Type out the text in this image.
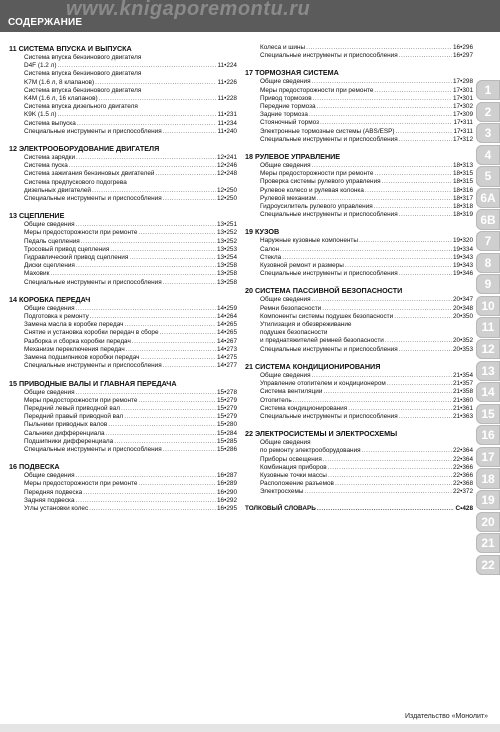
www.knigaporemontu.ru
СОДЕРЖАНИЕ
11 СИСТЕМА ВПУСКА И ВЫПУСКА
Система впуска бензинового двигателя
D4F (1.2 л) .....	11•224
Система впуска бензинового двигателя
K7M (1.6 л, 8 клапанов) .....	11•226
Система впуска бензинового двигателя
K4M (1.6 л, 16 клапанов) .....	11•228
Система впуска дизельного двигателя
K9K (1.5 л) .....	11•231
Система выпуска .....	11•234
Специальные инструменты и приспособления .....	11•240
12 ЭЛЕКТРООБОРУДОВАНИЕ ДВИГАТЕЛЯ
Система зарядки .....	12•241
Система пуска .....	12•246
Система зажигания бензиновых двигателей .....	12•248
Система предпускового подогрева
дизельных двигателей .....	12•250
Специальные инструменты и приспособления .....	12•250
13 СЦЕПЛЕНИЕ
Общие сведения .....	13•251
Меры предосторожности при ремонте .....	13•252
Педаль сцепления .....	13•252
Тросовый привод сцепления .....	13•253
Гидравлический привод сцепления .....	13•254
Диски сцепления .....	13•258
Маховик .....	13•258
Специальные инструменты и приспособления .....	13•258
14 КОРОБКА ПЕРЕДАЧ
Общие сведения .....	14•259
Подготовка к ремонту .....	14•264
Замена масла в коробке передач .....	14•265
Снятие и установка коробки передач в сборе .....	14•265
Разборка и сборка коробки передач .....	14•267
Механизм переключения передач .....	14•273
Замена подшипников коробки передач .....	14•275
Специальные инструменты и приспособления .....	14•277
15 ПРИВОДНЫЕ ВАЛЫ И ГЛАВНАЯ ПЕРЕДАЧА
Общие сведения .....	15•278
Меры предосторожности при ремонте .....	15•279
Передний левый приводной вал .....	15•279
Передний правый приводной вал .....	15•279
Пыльники приводных валов .....	15•280
Сальники дифференциала .....	15•284
Подшипники дифференциала .....	15•285
Специальные инструменты и приспособления .....	15•286
16 ПОДВЕСКА
Общие сведения .....	16•287
Меры предосторожности при ремонте .....	16•289
Передняя подвеска .....	16•290
Задняя подвеска .....	16•292
Углы установки колес .....	16•295
Колеса и шины .....	16•296
Специальные инструменты и приспособления .....	16•297
17 ТОРМОЗНАЯ СИСТЕМА
Общие сведения .....	17•298
Меры предосторожности при ремонте .....	17•301
Привод тормозов .....	17•301
Передние тормоза .....	17•302
Задние тормоза .....	17•309
Стояночный тормоз .....	17•311
Электронные тормозные системы (ABS/ESP) .....	17•311
Специальные инструменты и приспособления .....	17•312
18 РУЛЕВОЕ УПРАВЛЕНИЕ
Общие сведения .....	18•313
Меры предосторожности при ремонте .....	18•315
Проверка системы рулевого управления .....	18•315
Рулевое колесо и рулевая колонка .....	18•316
Рулевой механизм .....	18•317
Гидроусилитель рулевого управления .....	18•318
Специальные инструменты и приспособления .....	18•319
19 КУЗОВ
Наружные кузовные компоненты .....	19•320
Салон .....	19•334
Стекла .....	19•343
Кузовной ремонт и размеры .....	19•343
Специальные инструменты и приспособления .....	19•346
20 СИСТЕМА ПАССИВНОЙ БЕЗОПАСНОСТИ
Общие сведения .....	20•347
Ремни безопасности .....	20•348
Компоненты системы подушек безопасности .....	20•350
Утилизация и обезвреживание
подушек безопасности
и преднатяжителей ремней безопасности .....	20•352
Специальные инструменты и приспособления .....	20•353
21 СИСТЕМА КОНДИЦИОНИРОВАНИЯ
Общие сведения .....	21•354
Управление отопителем и кондиционером .....	21•357
Система вентиляции .....	21•358
Отопитель .....	21•360
Система кондиционирования .....	21•361
Специальные инструменты и приспособления .....	21•363
22 ЭЛЕКТРОСИСТЕМЫ И ЭЛЕКТРОСХЕМЫ
Общие сведения
по ремонту электрооборудования .....	22•364
Приборы освещения .....	22•364
Комбинация приборов .....	22•366
Кузовные точки массы .....	22•366
Расположение разъемов .....	22•368
Электросхемы .....	22•372
ТОЛКОВЫЙ СЛОВАРЬ .....	С•428
1
2
3
4
5
6A
6B
7
8
9
10
11
12
13
14
15
16
17
18
19
20
21
22
Издательство «Монолит»
